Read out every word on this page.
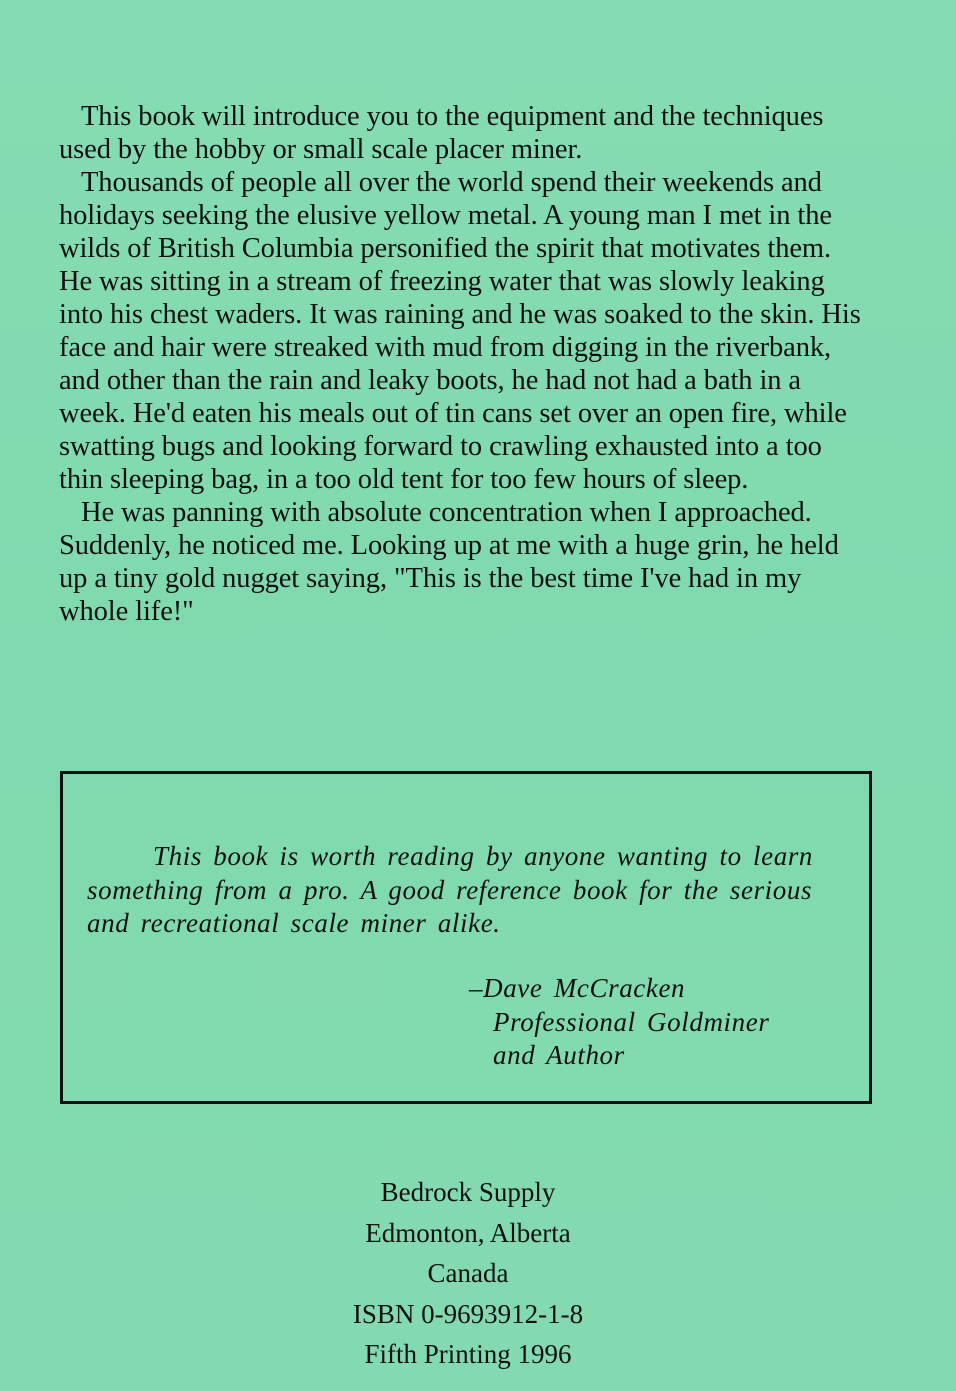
This book will introduce you to the equipment and the techniques used by the hobby or small scale placer miner.

Thousands of people all over the world spend their weekends and holidays seeking the elusive yellow metal. A young man I met in the wilds of British Columbia personified the spirit that motivates them. He was sitting in a stream of freezing water that was slowly leaking into his chest waders. It was raining and he was soaked to the skin. His face and hair were streaked with mud from digging in the riverbank, and other than the rain and leaky boots, he had not had a bath in a week. He'd eaten his meals out of tin cans set over an open fire, while swatting bugs and looking forward to crawling exhausted into a too thin sleeping bag, in a too old tent for too few hours of sleep.

He was panning with absolute concentration when I approached. Suddenly, he noticed me. Looking up at me with a huge grin, he held up a tiny gold nugget saying, "This is the best time I've had in my whole life!"

This book is worth reading by anyone wanting to learn something from a pro. A good reference book for the serious and recreational scale miner alike.
–Dave McCracken
Professional Goldminer
and Author
Bedrock Supply
Edmonton, Alberta
Canada
ISBN 0-9693912-1-8
Fifth Printing 1996
